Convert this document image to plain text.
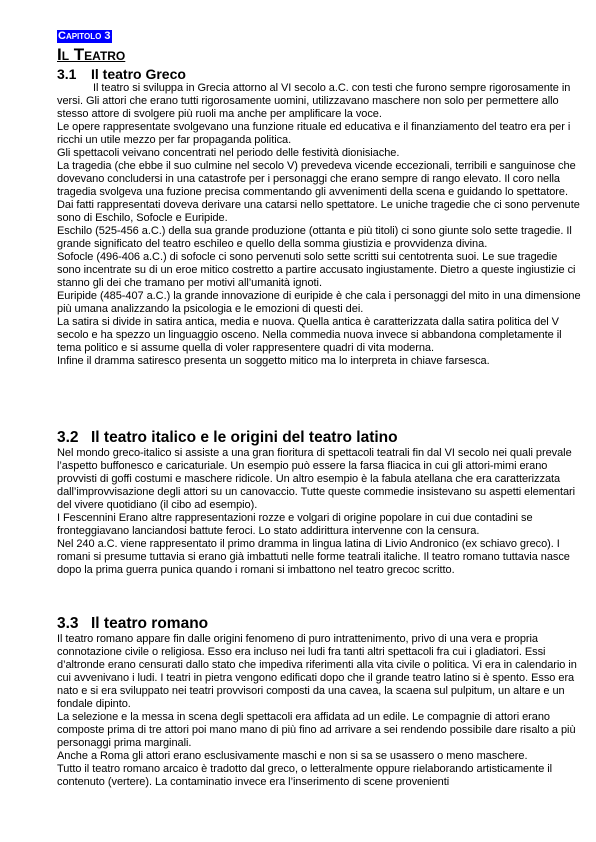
Capitolo 3
Il Teatro
3.1 Il teatro Greco

Il teatro si sviluppa in Grecia attorno al VI secolo a.C. con testi che furono sempre rigorosamente in versi. Gli attori che erano tutti rigorosamente uomini, utilizzavano maschere non solo per permettere allo stesso attore di svolgere più ruoli ma anche per amplificare la voce.

Le opere rappresentate svolgevano una funzione rituale ed educativa e il finanziamento del teatro era per i ricchi un utile mezzo per far propaganda politica.

Gli spettacoli veivano concentrati nel periodo delle festività dionisiache.

La tragedia (che ebbe il suo culmine nel secolo V) prevedeva vicende eccezionali, terribili e sanguinose che dovevano concludersi in una catastrofe per i personaggi che erano sempre di rango elevato. Il coro nella tragedia svolgeva una fuzione precisa commentando gli avvenimenti della scena e guidando lo spettatore. Dai fatti rappresentati doveva derivare una catarsi nello spettatore. Le uniche tragedie che ci sono pervenute sono di Eschilo, Sofocle e Euripide.

Eschilo (525-456 a.C.) della sua grande produzione (ottanta e più titoli) ci sono giunte solo sette tragedie. Il grande significato del teatro eschileo e quello della somma giustizia e provvidenza divina.

Sofocle (496-406 a.C.) di sofocle ci sono pervenuti solo sette scritti sui centotrenta suoi. Le sue tragedie sono incentrate su di un eroe mitico costretto a partire accusato ingiustamente. Dietro a queste ingiustizie ci stanno gli dei che tramano per motivi all’umanità ignoti.

Euripide (485-407 a.C.) la grande innovazione di euripide è che cala i personaggi del mito in una dimensione più umana analizzando la psicologia e le emozioni di questi dei.

La satira si divide in satira antica, media e nuova. Quella antica è caratterizzata dalla satira politica del V secolo e ha spezzo un linguaggio osceno. Nella commedia nuova invece si abbandona completamente il tema politico e si assume quella di voler rappresentere quadri di vita moderna.

Infine il dramma satiresco presenta un soggetto mitico ma lo interpreta in chiave farsesca.

3.2 Il teatro italico e le origini del teatro latino

Nel mondo greco-italico si assiste a una gran fioritura di spettacoli teatrali fin dal VI secolo nei quali prevale l’aspetto buffonesco e caricaturiale. Un esempio può essere la farsa fliacica in cui gli attori-mimi erano provvisti di goffi costumi e maschere ridicole. Un altro esempio è la fabula atellana che era caratterizzata dall’improvvisazione degli attori su un canovaccio. Tutte queste commedie insistevano su aspetti elementari del vivere quotidiano (il cibo ad esempio).

I Fescennini Erano altre rappresentazioni rozze e volgari di origine popolare in cui due contadini se fronteggiavano lanciandosi battute feroci. Lo stato addirittura intervenne con la censura.

Nel 240 a.C. viene rappresentato il primo dramma in lingua latina di Livio Andronico (ex schiavo greco). I romani si presume tuttavia si erano già imbattuti nelle forme teatrali italiche. Il teatro romano tuttavia nasce dopo la prima guerra punica quando i romani si imbattono nel teatro grecoc scritto.

3.3 Il teatro romano

Il teatro romano appare fin dalle origini fenomeno di puro intrattenimento, privo di una vera e propria connotazione civile o religiosa. Esso era incluso nei ludi fra tanti altri spettacoli fra cui i gladiatori. Essi d’altronde erano censurati dallo stato che impediva riferimenti alla vita civile o politica. Vi era in calendario in cui avvenivano i ludi. I teatri in pietra vengono edificati dopo che il grande teatro latino si è spento. Esso era nato e si era sviluppato nei teatri provvisori composti da una cavea, la scaena sul pulpitum, un altare e un fondale dipinto.

La selezione e la messa in scena degli spettacoli era affidata ad un edile. Le compagnie di attori erano composte prima di tre attori poi mano mano di più fino ad arrivare a sei rendendo possibile dare risalto a più personaggi prima marginali.

Anche a Roma gli attori erano esclusivamente maschi e non si sa se usassero o meno maschere.

Tutto il teatro romano arcaico è tradotto dal greco, o letteralmente oppure rielaborando artisticamente il contenuto (vertere). La contaminatio invece era l’inserimento di scene provenienti
